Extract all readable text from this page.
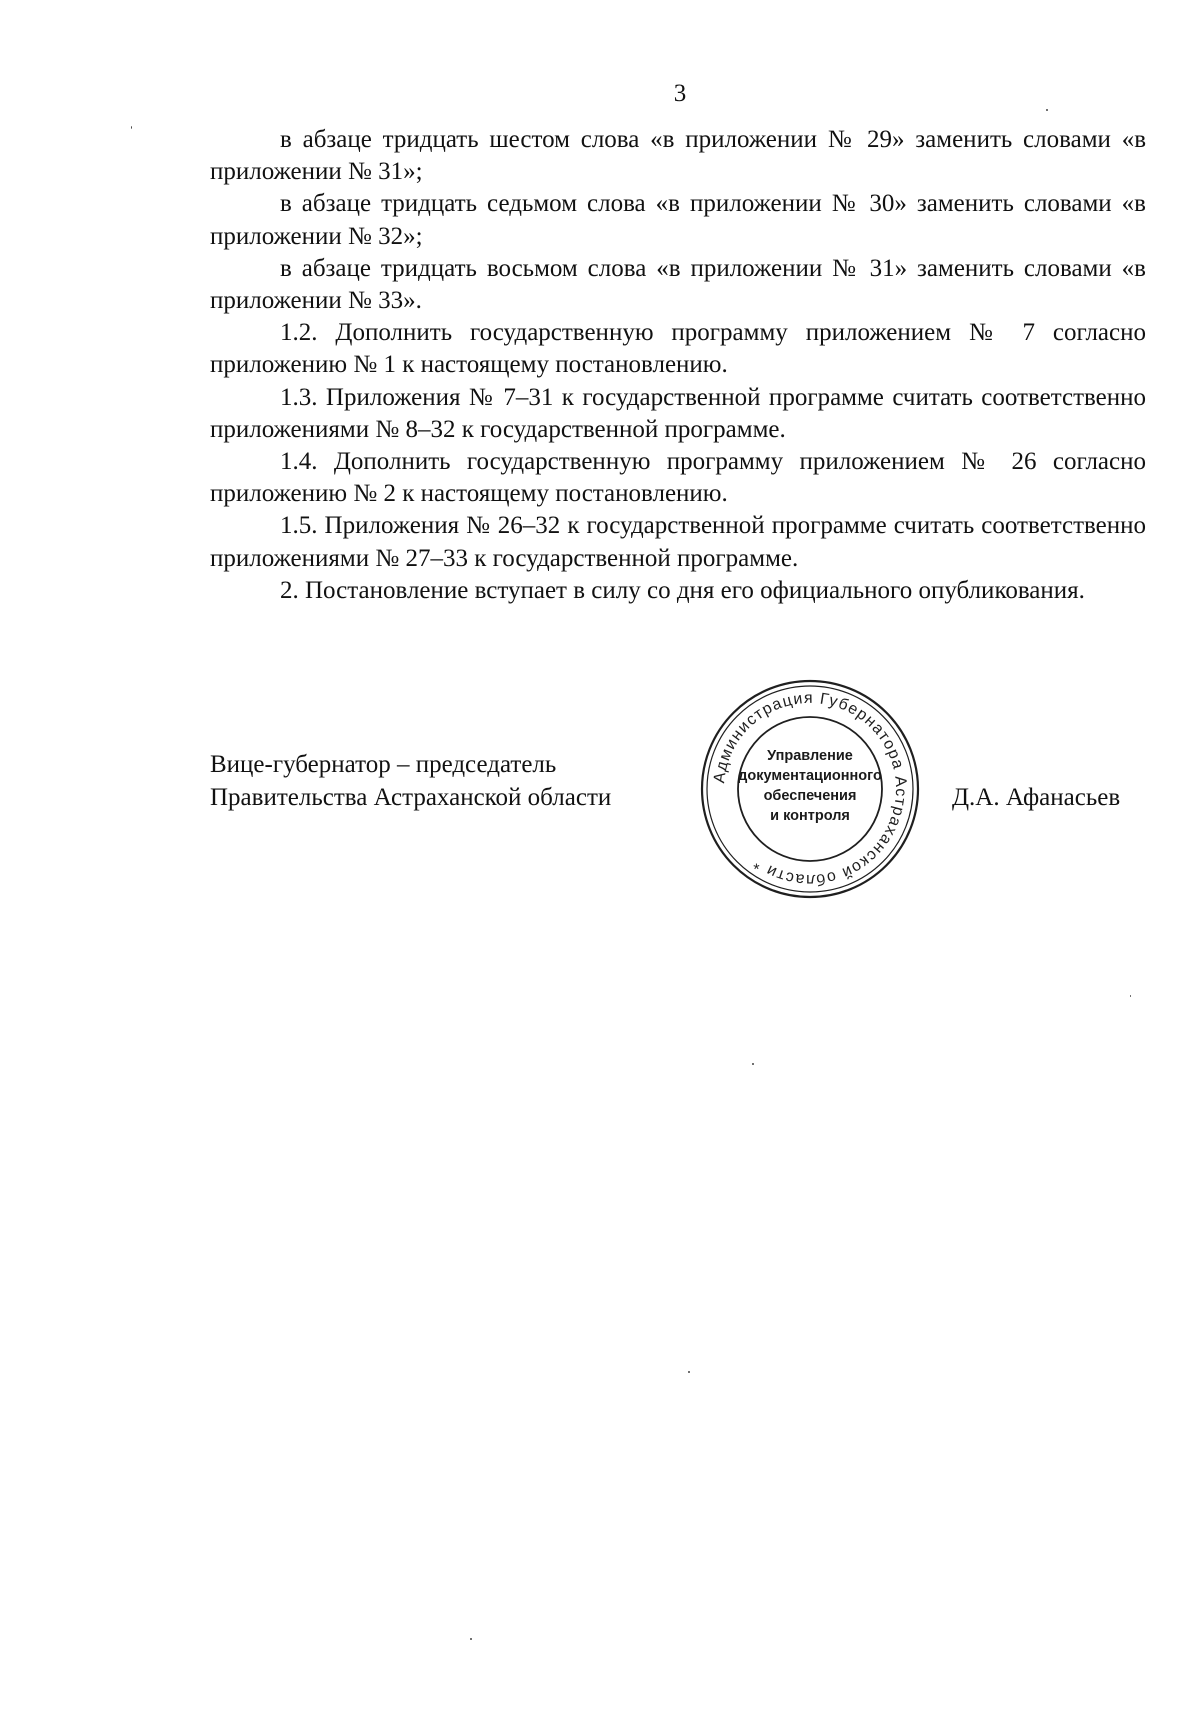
3

в абзаце тридцать шестом слова «в приложении № 29» заменить словами «в приложении № 31»;

в абзаце тридцать седьмом слова «в приложении № 30» заменить словами «в приложении № 32»;

в абзаце тридцать восьмом слова «в приложении № 31» заменить словами «в приложении № 33».

1.2. Дополнить государственную программу приложением № 7 согласно приложению № 1 к настоящему постановлению.

1.3. Приложения № 7–31 к государственной программе считать соответственно приложениями № 8–32 к государственной программе.

1.4. Дополнить государственную программу приложением № 26 согласно приложению № 2 к настоящему постановлению.

1.5. Приложения № 26–32 к государственной программе считать соответственно приложениями № 27–33 к государственной программе.

2. Постановление вступает в силу со дня его официального опубликования.

Вице-губернатор – председатель
Правительства Астраханской области
Администрация Губернатора Астраханской области *
Управление
документационного
обеспечения
и контроля
Д.А. Афанасьев
